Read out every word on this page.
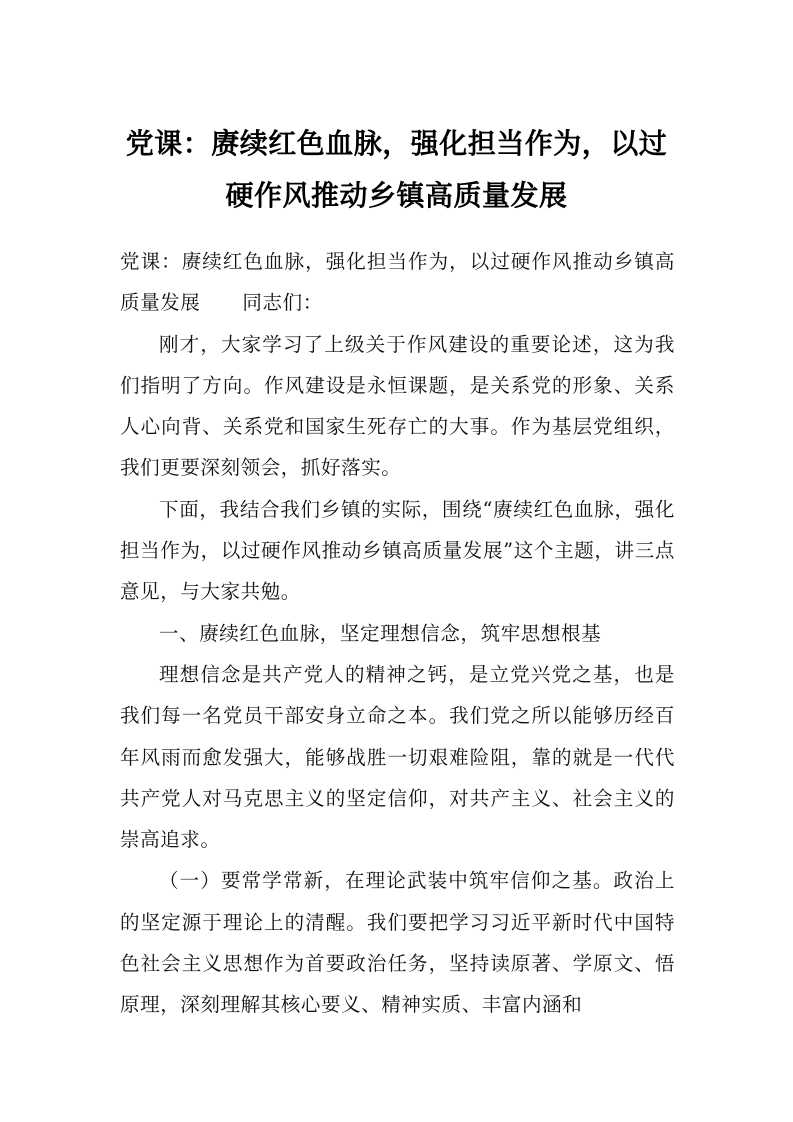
党课：赓续红色血脉，强化担当作为，以过
硬作风推动乡镇高质量发展

党课：赓续红色血脉，强化担当作为，以过硬作风推动乡镇高质量发展 同志们：

刚才，大家学习了上级关于作风建设的重要论述，这为我们指明了方向。作风建设是永恒课题，是关系党的形象、关系人心向背、关系党和国家生死存亡的大事。作为基层党组织，我们更要深刻领会，抓好落实。

下面，我结合我们乡镇的实际，围绕“赓续红色血脉，强化担当作为，以过硬作风推动乡镇高质量发展”这个主题，讲三点意见，与大家共勉。

一、赓续红色血脉，坚定理想信念，筑牢思想根基

理想信念是共产党人的精神之钙，是立党兴党之基，也是我们每一名党员干部安身立命之本。我们党之所以能够历经百年风雨而愈发强大，能够战胜一切艰难险阻，靠的就是一代代共产党人对马克思主义的坚定信仰，对共产主义、社会主义的崇高追求。

（一）要常学常新，在理论武装中筑牢信仰之基。政治上的坚定源于理论上的清醒。我们要把学习习近平新时代中国特色社会主义思想作为首要政治任务，坚持读原著、学原文、悟原理，深刻理解其核心要义、精神实质、丰富内涵和
